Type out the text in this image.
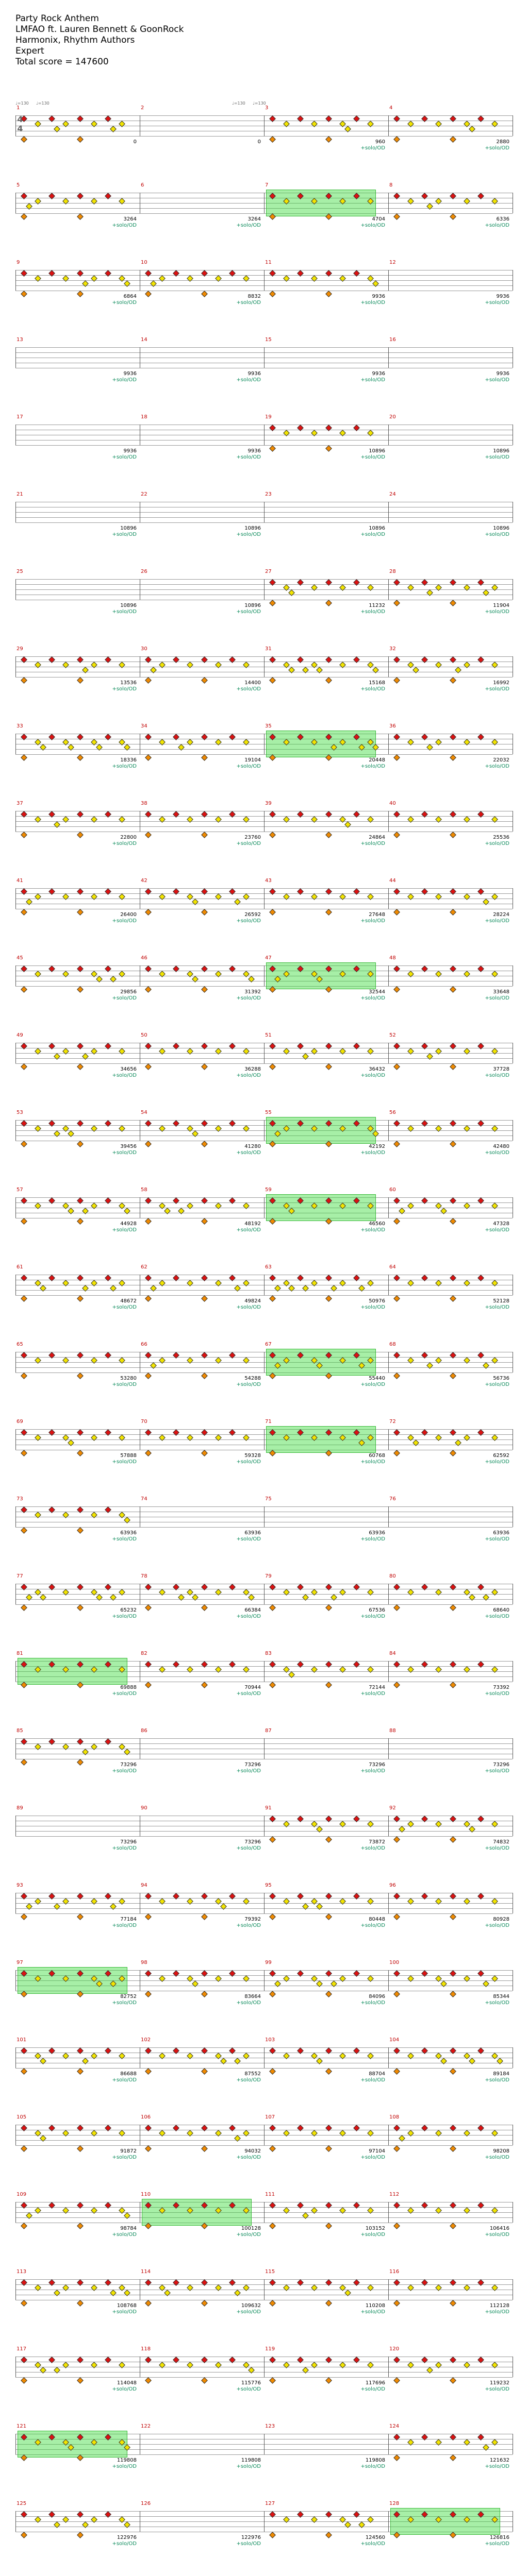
Party Rock Anthem
LMFAO ft. Lauren Bennett & GoonRock
Harmonix, Rhythm Authors
Expert
Total score = 147600
1
0
2
0
3
960
+solo/OD
4
2880
+solo/OD
4
4
♩=130 ♩=130	♩=130 ♩=130
5
3264
+solo/OD
6
3264
+solo/OD
7
4704
+solo/OD
8
6336
+solo/OD
9
6864
+solo/OD
10
8832
+solo/OD
11
9936
+solo/OD
12
9936
+solo/OD
13
9936
+solo/OD
14
9936
+solo/OD
15
9936
+solo/OD
16
9936
+solo/OD
17
9936
+solo/OD
18
9936
+solo/OD
19
10896
+solo/OD
20
10896
+solo/OD
21
10896
+solo/OD
22
10896
+solo/OD
23
10896
+solo/OD
24
10896
+solo/OD
25
10896
+solo/OD
26
10896
+solo/OD
27
11232
+solo/OD
28
11904
+solo/OD
29
13536
+solo/OD
30
14400
+solo/OD
31
15168
+solo/OD
32
16992
+solo/OD
33
18336
+solo/OD
34
19104
+solo/OD
35
20448
+solo/OD
36
22032
+solo/OD
37
22800
+solo/OD
38
23760
+solo/OD
39
24864
+solo/OD
40
25536
+solo/OD
41
26400
+solo/OD
42
26592
+solo/OD
43
27648
+solo/OD
44
28224
+solo/OD
45
29856
+solo/OD
46
31392
+solo/OD
47
32544
+solo/OD
48
33648
+solo/OD
49
34656
+solo/OD
50
36288
+solo/OD
51
36432
+solo/OD
52
37728
+solo/OD
53
39456
+solo/OD
54
41280
+solo/OD
55
42192
+solo/OD
56
42480
+solo/OD
57
44928
+solo/OD
58
48192
+solo/OD
59
46560
+solo/OD
60
47328
+solo/OD
61
48672
+solo/OD
62
49824
+solo/OD
63
50976
+solo/OD
64
52128
+solo/OD
65
53280
+solo/OD
66
54288
+solo/OD
67
55440
+solo/OD
68
56736
+solo/OD
69
57888
+solo/OD
70
59328
+solo/OD
71
60768
+solo/OD
72
62592
+solo/OD
73
63936
+solo/OD
74
63936
+solo/OD
75
63936
+solo/OD
76
63936
+solo/OD
77
65232
+solo/OD
78
66384
+solo/OD
79
67536
+solo/OD
80
68640
+solo/OD
81
69888
+solo/OD
82
70944
+solo/OD
83
72144
+solo/OD
84
73392
+solo/OD
85
73296
+solo/OD
86
73296
+solo/OD
87
73296
+solo/OD
88
73296
+solo/OD
89
73296
+solo/OD
90
73296
+solo/OD
91
73872
+solo/OD
92
74832
+solo/OD
93
77184
+solo/OD
94
79392
+solo/OD
95
80448
+solo/OD
96
80928
+solo/OD
97
82752
+solo/OD
98
83664
+solo/OD
99
84096
+solo/OD
100
85344
+solo/OD
101
86688
+solo/OD
102
87552
+solo/OD
103
88704
+solo/OD
104
89184
+solo/OD
105
91872
+solo/OD
106
94032
+solo/OD
107
97104
+solo/OD
108
98208
+solo/OD
109
98784
+solo/OD
110
100128
+solo/OD
111
103152
+solo/OD
112
106416
+solo/OD
113
108768
+solo/OD
114
109632
+solo/OD
115
110208
+solo/OD
116
112128
+solo/OD
117
114048
+solo/OD
118
115776
+solo/OD
119
117696
+solo/OD
120
119232
+solo/OD
121
119808
+solo/OD
122
119808
+solo/OD
123
119808
+solo/OD
124
121632
+solo/OD
125
122976
+solo/OD
126
122976
+solo/OD
127
124560
+solo/OD
128
126816
+solo/OD
